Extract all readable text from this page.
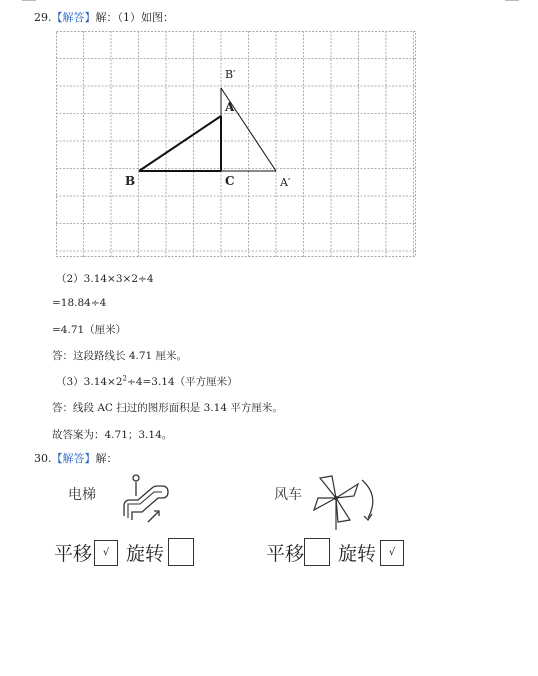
29.【解答】解：（1）如图：
B′
A
B	C	A′
（2）3.14×3×2÷4
=18.84÷4
=4.71（厘米）
答：这段路线长 4.71 厘米。
$(3)3.14\times 2^2\div 4=3.14$（平方厘米）
答：线段 AC 扫过的图形面积是 3.14 平方厘米。
故答案为：4.71；3.14。
30.【解答】解：
电梯
平移	√ 旋转
风车
平移 旋转	√
